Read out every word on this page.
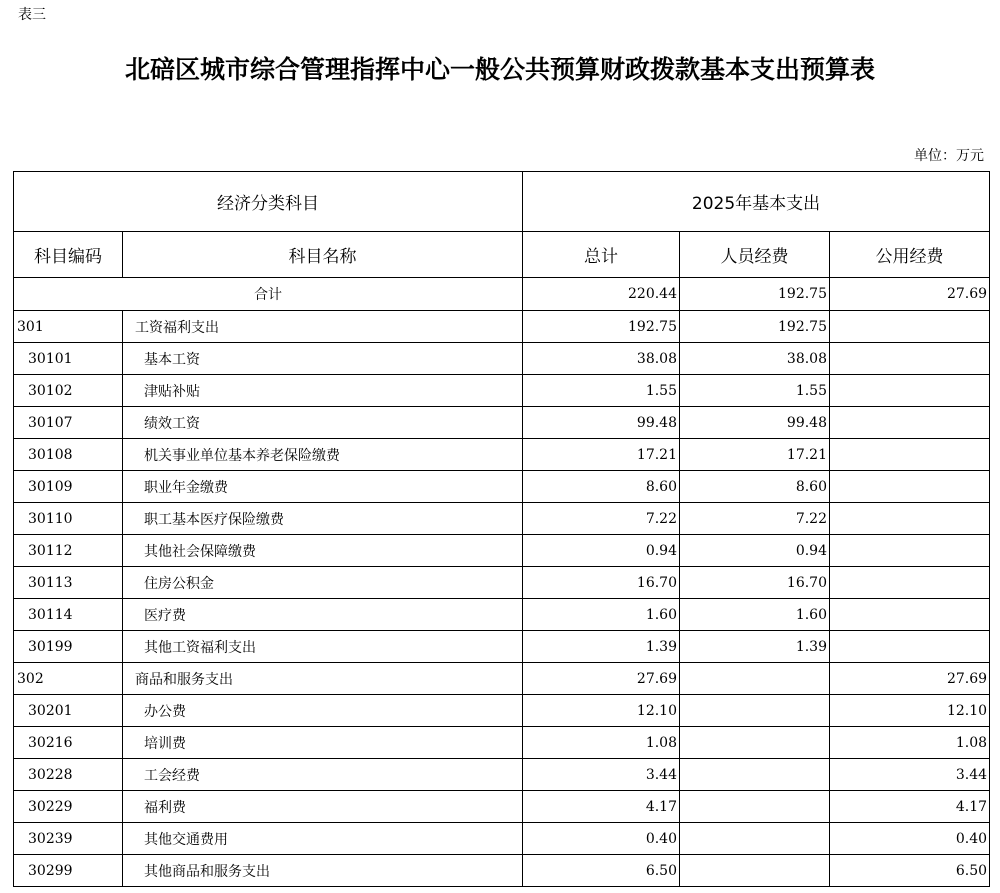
表三
北碚区城市综合管理指挥中心一般公共预算财政拨款基本支出预算表
单位：万元
经济分类科目		2025年基本支出		
科目编码	科目名称	总计	人员经费	公用经费
合计		220.44	192.75	27.69
301	工资福利支出	192.75	192.75	
30101	基本工资	38.08	38.08	
30102	津贴补贴	1.55	1.55	
30107	绩效工资	99.48	99.48	
30108	机关事业单位基本养老保险缴费	17.21	17.21	
30109	职业年金缴费	8.60	8.60	
30110	职工基本医疗保险缴费	7.22	7.22	
30112	其他社会保障缴费	0.94	0.94	
30113	住房公积金	16.70	16.70	
30114	医疗费	1.60	1.60	
30199	其他工资福利支出	1.39	1.39	
302	商品和服务支出	27.69		27.69
30201	办公费	12.10		12.10
30216	培训费	1.08		1.08
30228	工会经费	3.44		3.44
30229	福利费	4.17		4.17
30239	其他交通费用	0.40		0.40
30299	其他商品和服务支出	6.50		6.50
